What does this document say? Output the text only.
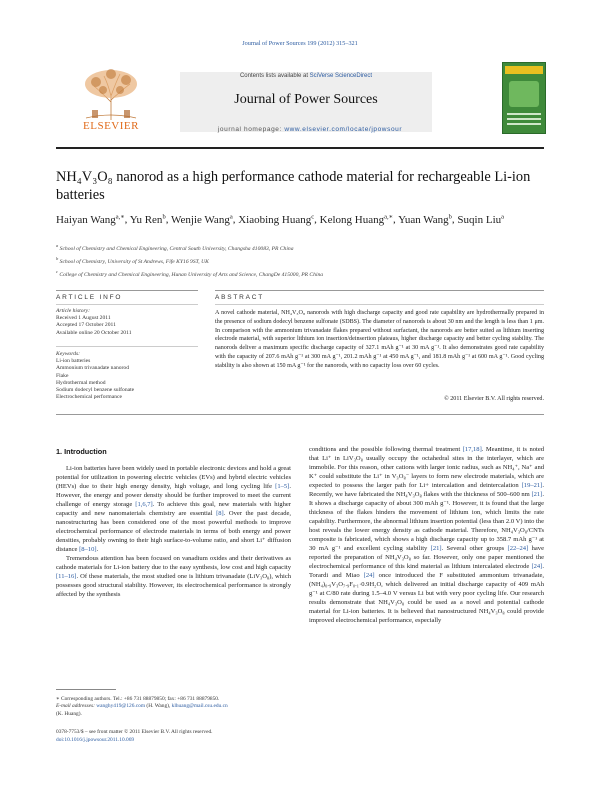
Journal of Power Sources 199 (2012) 315–321
ELSEVIER
Contents lists available at SciVerse ScienceDirect
Journal of Power Sources
journal homepage: www.elsevier.com/locate/jpowsour
NH₄V₃O₈ nanorod as a high performance cathode material for rechargeable Li-ion batteries
Haiyan Wang$^{a,∗}$, Yu Ren$^b$, Wenjie Wang$^a$, Xiaobing Huang$^c$, Kelong Huang$^{a,∗}$, Yuan Wang$^b$, Suqin Liu$^a$
$^a$ School of Chemistry and Chemical Engineering, Central South University, Changsha 410083, PR China
$^b$ School of Chemistry, University of St Andrews, Fife KY16 9ST, UK
$^c$ College of Chemistry and Chemical Engineering, Hunan University of Arts and Science, ChangDe 415000, PR China
ARTICLE INFO
Article history:
Received 1 August 2011
Accepted 17 October 2011
Available online 20 October 2011
Keywords:
Li-ion batteries
Ammonium trivanadate nanorod
Flake
Hydrothermal method
Sodium dodecyl benzene sulfonate
Electrochemical performance
ABSTRACT
A novel cathode material, NH₄V₃O₈ nanorods with high discharge capacity and good rate capability are hydrothermally prepared in the presence of sodium dodecyl benzene sulfonate (SDBS). The diameter of nanorods is about 30 nm and the length is less than 1 μm. In comparison with the ammonium trivanadate flakes prepared without surfactant, the nanorods are better suited as lithium inserting electrode material, with superior lithium ion insertion/deinsertion plateaus, higher discharge capacity and better cycling stability. The nanorods deliver a maximum specific discharge capacity of 327.1 mAh g⁻¹ at 30 mA g⁻¹. It also demonstrates good rate capability with the capacity of 207.6 mAh g⁻¹ at 300 mA g⁻¹, 201.2 mAh g⁻¹ at 450 mA g⁻¹, and 181.8 mAh g⁻¹ at 600 mA g⁻¹. Good cycling stability is also shown at 150 mA g⁻¹ for the nanorods, with no capacity loss over 60 cycles.
© 2011 Elsevier B.V. All rights reserved.
1. Introduction

Li-ion batteries have been widely used in portable electronic devices and hold a great potential for utilization in powering electric vehicles (EVs) and hybrid electric vehicles (HEVs) due to their high energy density, high voltage, and long cycling life [1–5]. However, the energy and power density should be further improved to meet the current challenge of energy storage [1,6,7]. To achieve this goal, new materials with higher capacity and new nanomaterials chemistry are essential [8]. Over the past decade, nanostructuring has been considered one of the most powerful methods to improve electrochemical performance of electrode materials in terms of both energy and power densities, probably owning to their high surface-to-volume ratio, and short Li⁺ diffusion distance [8–10].

Tremendous attention has been focused on vanadium oxides and their derivatives as cathode materials for Li-ion battery due to the easy synthesis, low cost and high capacity [11–16]. Of these materials, the most studied one is lithium trivanadate (LiV₃O₈), which possesses good structural stability. However, its electrochemical performance is strongly affected by the synthesis

conditions and the possible following thermal treatment [17,18]. Meantime, it is noted that Li⁺ in LiV₃O₈ usually occupy the octahedral sites in the interlayer, which are immobile. For this reason, other cations with larger ionic radius, such as NH₄⁺, Na⁺ and K⁺ could substitute the Li⁺ in V₃O₈⁻ layers to form new electrode materials, which are expected to possess the larger path for Li+ intercalation and deintercalation [19–21]. Recently, we have fabricated the NH₄V₃O₈ flakes with the thickness of 500–600 nm [21]. It shows a discharge capacity of about 300 mAh g⁻¹. However, it is found that the large thickness of the flakes hinders the movement of lithium ion, which limits the rate capability. Furthermore, the abnormal lithium insertion potential (less than 2.0 V) into the host reveals the lower energy density as cathode material. Therefore, NH₄V₃O₈/CNTs composite is fabricated, which shows a high discharge capacity up to 358.7 mAh g⁻¹ at 30 mA g⁻¹ and excellent cycling stability [21]. Several other groups [22–24] have reported the preparation of NH₄V₃O₈ so far. However, only one paper mentioned the electrochemical performance of this kind material as lithium intercalated electrode [24]. Torardi and Miao [24] once introduced the F substituted ammonium trivanadate, (NH₄)₀.₉V₃O₇.₉F₀.₁·0.9H₂O, which delivered an initial discharge capacity of 409 mAh g⁻¹ at C/80 rate during 1.5–4.0 V versus Li but with very poor cycling life. Our research results demonstrate that NH₄V₃O₈ could be used as a novel and potential cathode material for Li-ion batteries. It is believed that nanostructured NH₄V₃O₈ could provide improved electrochemical performance, especially

∗ Corresponding authors. Tel.: +86 731 88879850; fax: +86 731 88879850.
E-mail addresses: wanghy419@126.com (H. Wang), klhuang@mail.csu.edu.cn
(K. Huang).
0378-7753/$ – see front matter © 2011 Elsevier B.V. All rights reserved.
doi:10.1016/j.jpowsour.2011.10.069
